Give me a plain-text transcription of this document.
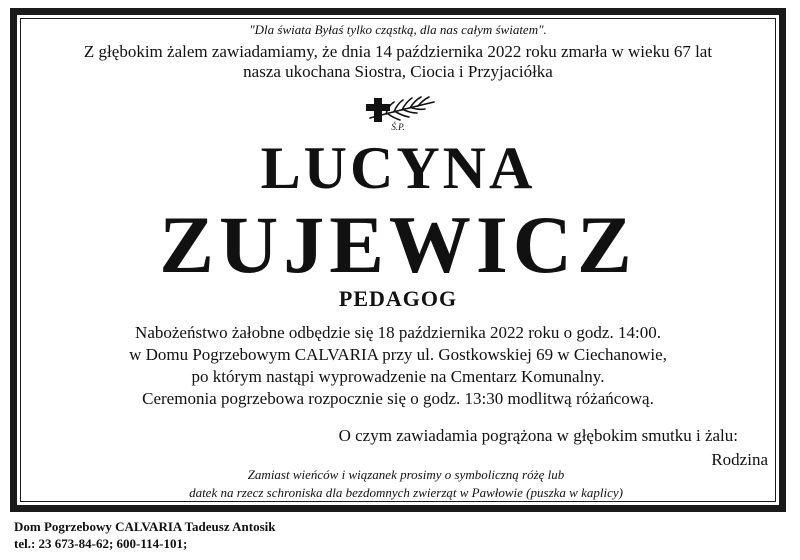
"Dla świata Byłaś tylko cząstką, dla nas całym światem".
Z głębokim żalem zawiadamiamy, że dnia 14 października 2022 roku zmarła w wieku 67 lat
nasza ukochana Siostra, Ciocia i Przyjaciółka
Ś.P.
LUCYNA
ZUJEWICZ
PEDAGOG
Nabożeństwo żałobne odbędzie się 18 października 2022 roku o godz. 14:00.
w Domu Pogrzebowym CALVARIA przy ul. Gostkowskiej 69 w Ciechanowie,
po którym nastąpi wyprowadzenie na Cmentarz Komunalny.
Ceremonia pogrzebowa rozpocznie się o godz. 13:30 modlitwą różańcową.
O czym zawiadamia pogrążona w głębokim smutku i żalu:
Rodzina
Zamiast wieńców i wiązanek prosimy o symboliczną różę lub
datek na rzecz schroniska dla bezdomnych zwierząt w Pawłowie (puszka w kaplicy)
Dom Pogrzebowy CALVARIA Tadeusz Antosik
tel.: 23 673-84-62; 600-114-101;
